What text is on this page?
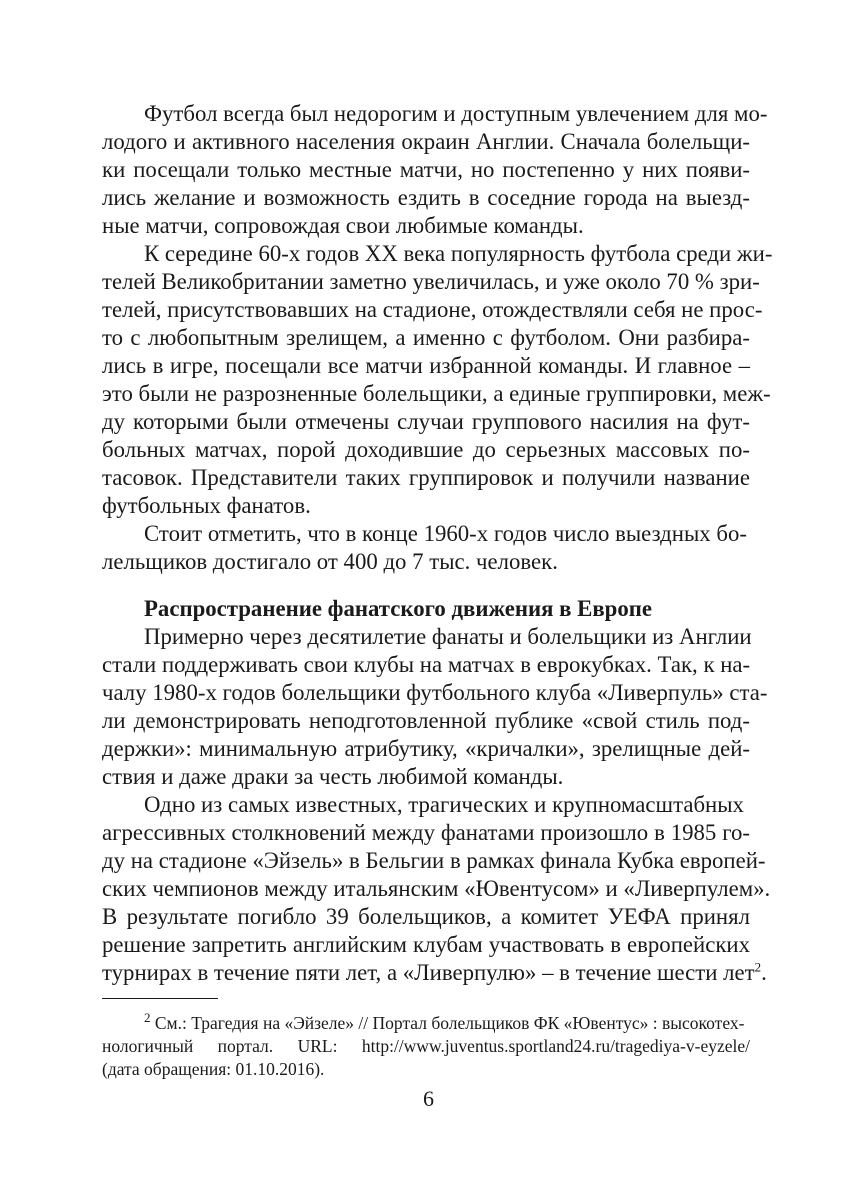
Футбол всегда был недорогим и доступным увлечением для мо-

лодого и активного населения окраин Англии. Сначала болельщи-

ки посещали только местные матчи, но постепенно у них появи-

лись желание и возможность ездить в соседние города на выезд-

ные матчи, сопровождая свои любимые команды.

К середине 60-х годов XX века популярность футбола среди жи-

телей Великобритании заметно увеличилась, и уже около 70 % зри-

телей, присутствовавших на стадионе, отождествляли себя не прос-

то с любопытным зрелищем, а именно с футболом. Они разбира-

лись в игре, посещали все матчи избранной команды. И главное –

это были не разрозненные болельщики, а единые группировки, меж-

ду которыми были отмечены случаи группового насилия на фут-

больных матчах, порой доходившие до серьезных массовых по-

тасовок. Представители таких группировок и получили название

футбольных фанатов.

Стоит отметить, что в конце 1960-х годов число выездных бо-

лельщиков достигало от 400 до 7 тыс. человек.

Распространение фанатского движения в Европе

Примерно через десятилетие фанаты и болельщики из Англии

стали поддерживать свои клубы на матчах в еврокубках. Так, к на-

чалу 1980-х годов болельщики футбольного клуба «Ливерпуль» ста-

ли демонстрировать неподготовленной публике «свой стиль под-

держки»: минимальную атрибутику, «кричалки», зрелищные дей-

ствия и даже драки за честь любимой команды.

Одно из самых известных, трагических и крупномасштабных

агрессивных столкновений между фанатами произошло в 1985 го-

ду на стадионе «Эйзель» в Бельгии в рамках финала Кубка европей-

ских чемпионов между итальянским «Ювентусом» и «Ливерпулем».

В результате погибло 39 болельщиков, а комитет УЕФА принял

решение запретить английским клубам участвовать в европейских

турнирах в течение пяти лет, а «Ливерпулю» – в течение шести лет$^2$.

$^2$ См.: Трагедия на «Эйзеле» // Портал болельщиков ФК «Ювентус» : высокотех-

нологичный портал. URL: http://www.juventus.sportland24.ru/tragediya-v-eyzele/

(дата обращения: 01.10.2016).

6
